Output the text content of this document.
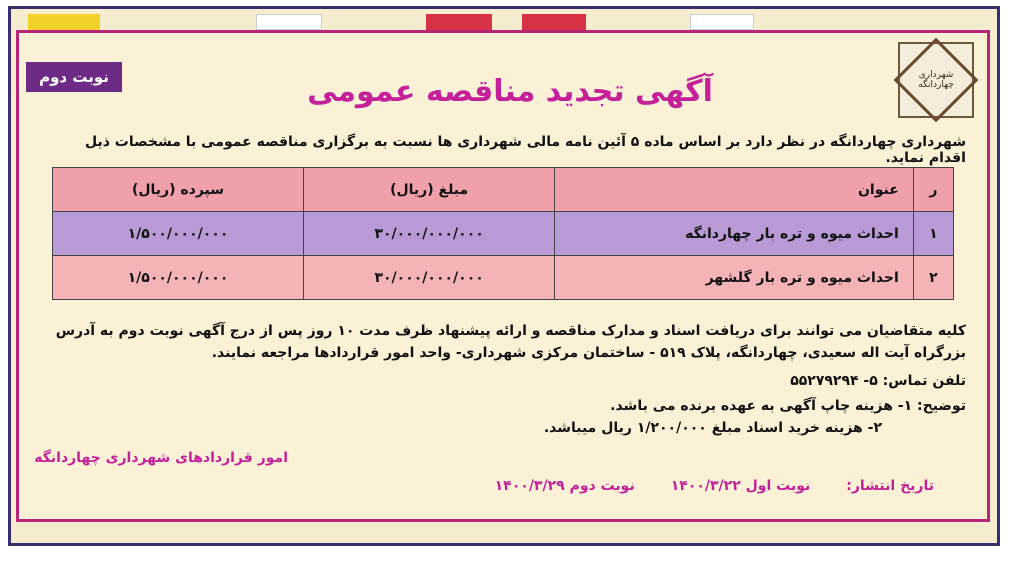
نوبت دوم	شهرداری چهاردانگه
آگهی تجدید مناقصه عمومی
شهرداری چهاردانگه در نظر دارد بر اساس ماده ۵ آئین نامه مالی شهرداری ها نسبت به برگزاری مناقصه عمومی با مشخصات ذیل اقدام نماید.
ر	عنوان	مبلغ (ریال)	سپرده (ریال)
۱	احداث میوه و تره بار چهاردانگه	۳۰/۰۰۰/۰۰۰/۰۰۰	۱/۵۰۰/۰۰۰/۰۰۰
۲	احداث میوه و تره بار گلشهر	۳۰/۰۰۰/۰۰۰/۰۰۰	۱/۵۰۰/۰۰۰/۰۰۰
کلیه متقاضیان می توانند برای دریافت اسناد و مدارک مناقصه و ارائه پیشنهاد ظرف مدت ۱۰ روز پس از درج آگهی نوبت دوم به آدرس بزرگراه آیت اله سعیدی، چهاردانگه، پلاک ۵۱۹ - ساختمان مرکزی شهرداری- واحد امور قراردادها مراجعه نمایند.
تلفن تماس: ۵- ۵۵۲۷۹۲۹۴
توضیح: ۱- هزینه چاپ آگهی به عهده برنده می باشد.
۲- هزینه خرید اسناد مبلغ ۱/۲۰۰/۰۰۰ ریال میباشد.
امور قراردادهای شهرداری چهاردانگه
تاریخ انتشار:نوبت اول ۱۴۰۰/۳/۲۲نوبت دوم ۱۴۰۰/۳/۲۹
